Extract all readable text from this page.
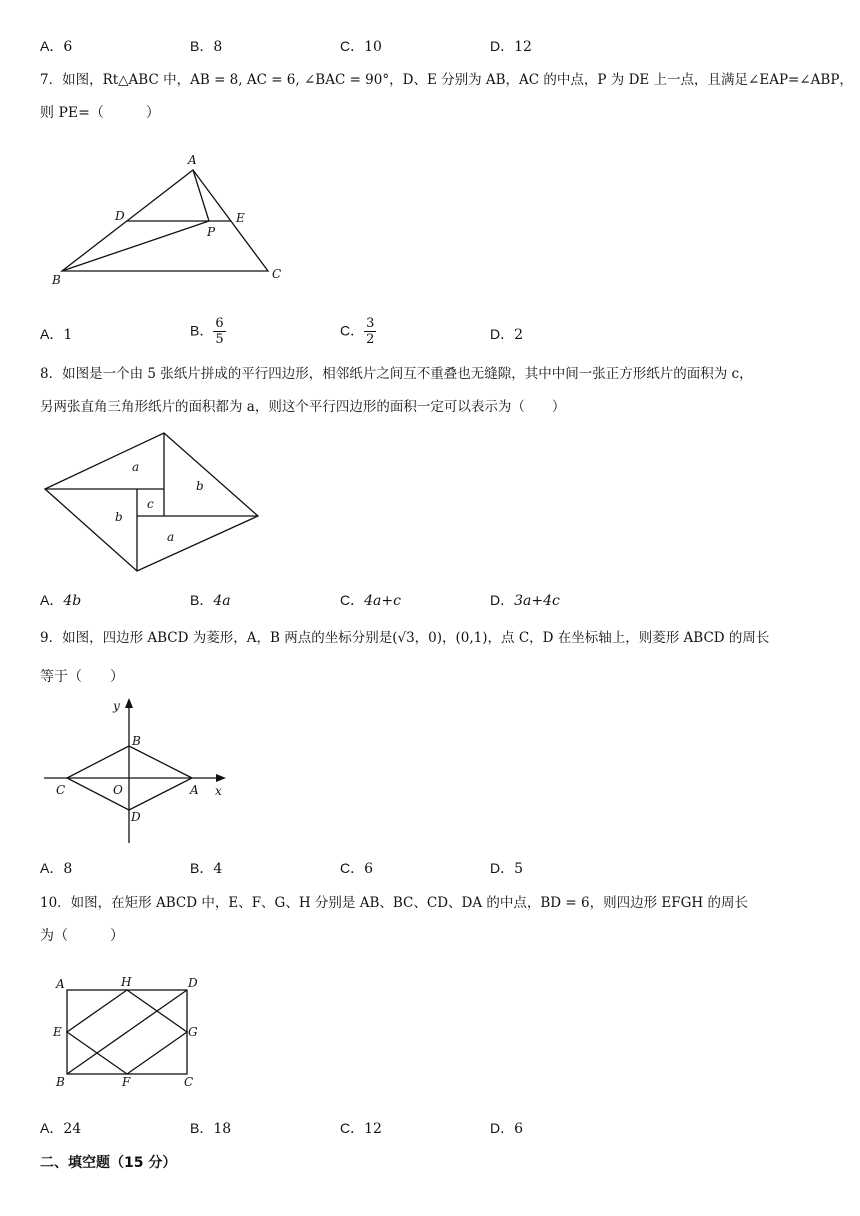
A．6	B．8	C．10	D．12
7．如图，Rt△ABC 中，AB = 8, AC = 6, ∠BAC = 90°，D、E 分别为 AB，AC 的中点，P 为 DE 上一点，且满足∠EAP=∠ABP，
则 PE=（　　　）
A
B	C
D	E
P
A．1	B． $\frac{6}{5}$	C． $\frac{3}{2}$	D．2
8．如图是一个由 5 张纸片拼成的平行四边形，相邻纸片之间互不重叠也无缝隙，其中中间一张正方形纸片的面积为 c，
另两张直角三角形纸片的面积都为 a，则这个平行四边形的面积一定可以表示为（　　）
a
b
c
b
a
A．4b	B．4a	C．4a+c	D．3a+4c
9．如图，四边形 ABCD 为菱形，A，B 两点的坐标分别是(√3，0)，(0,1)，点 C，D 在坐标轴上，则菱形 ABCD 的周长
等于（　　）
y
x
B
C	O	A
D
A．8	B．4	C．6	D．5
10．如图，在矩形 ABCD 中，E、F、G、H 分别是 AB、BC、CD、DA 的中点，BD = 6，则四边形 EFGH 的周长
为（　　　）
A	H	D
E	G
B	F	C
A．24	B．18	C．12	D．6
二、填空题（15 分）
